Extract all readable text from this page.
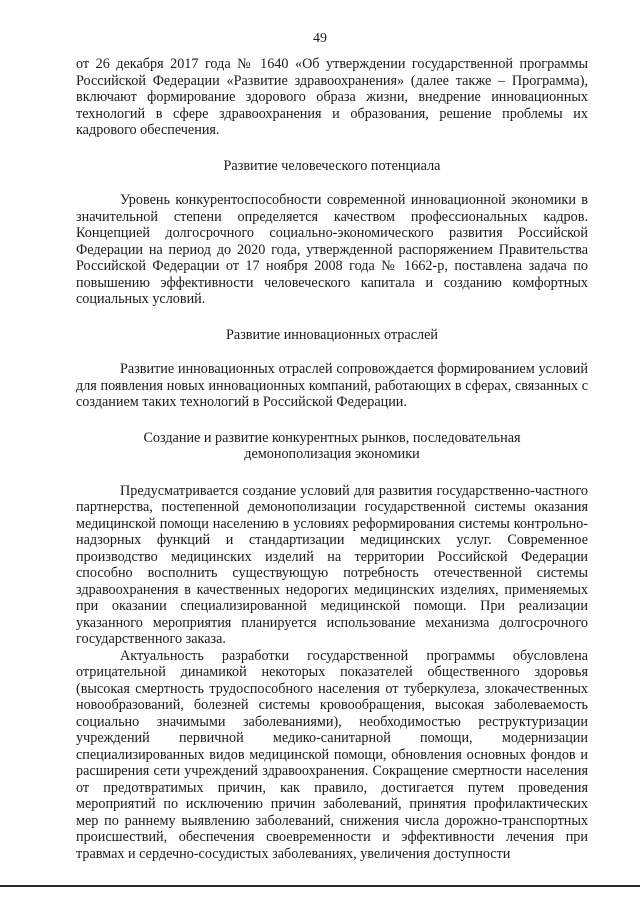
49

от 26 декабря 2017 года № 1640 «Об утверждении государственной программы Российской Федерации «Развитие здравоохранения» (далее также – Программа), включают формирование здорового образа жизни, внедрение инновационных технологий в сфере здравоохранения и образования, решение проблемы их кадрового обеспечения.

Развитие человеческого потенциала

Уровень конкурентоспособности современной инновационной экономики в значительной степени определяется качеством профессиональных кадров. Концепцией долгосрочного социально-экономического развития Российской Федерации на период до 2020 года, утвержденной распоряжением Правительства Российской Федерации от 17 ноября 2008 года № 1662-р, поставлена задача по повышению эффективности человеческого капитала и созданию комфортных социальных условий.

Развитие инновационных отраслей

Развитие инновационных отраслей сопровождается формированием условий для появления новых инновационных компаний, работающих в сферах, связанных с созданием таких технологий в Российской Федерации.

Создание и развитие конкурентных рынков, последовательная демонополизация экономики

Предусматривается создание условий для развития государственно-частного партнерства, постепенной демонополизации государственной системы оказания медицинской помощи населению в условиях реформирования системы контрольно-надзорных функций и стандартизации медицинских услуг. Современное производство медицинских изделий на территории Российской Федерации способно восполнить существующую потребность отечественной системы здравоохранения в качественных недорогих медицинских изделиях, применяемых при оказании специализированной медицинской помощи. При реализации указанного мероприятия планируется использование механизма долгосрочного государственного заказа.

Актуальность разработки государственной программы обусловлена отрицательной динамикой некоторых показателей общественного здоровья (высокая смертность трудоспособного населения от туберкулеза, злокачественных новообразований, болезней системы кровообращения, высокая заболеваемость социально значимыми заболеваниями), необходимостью реструктуризации учреждений первичной медико-санитарной помощи, модернизации специализированных видов медицинской помощи, обновления основных фондов и расширения сети учреждений здравоохранения. Сокращение смертности населения от предотвратимых причин, как правило, достигается путем проведения мероприятий по исключению причин заболеваний, принятия профилактических мер по раннему выявлению заболеваний, снижения числа дорожно-транспортных происшествий, обеспечения своевременности и эффективности лечения при травмах и сердечно-сосудистых заболеваниях, увеличения доступности
